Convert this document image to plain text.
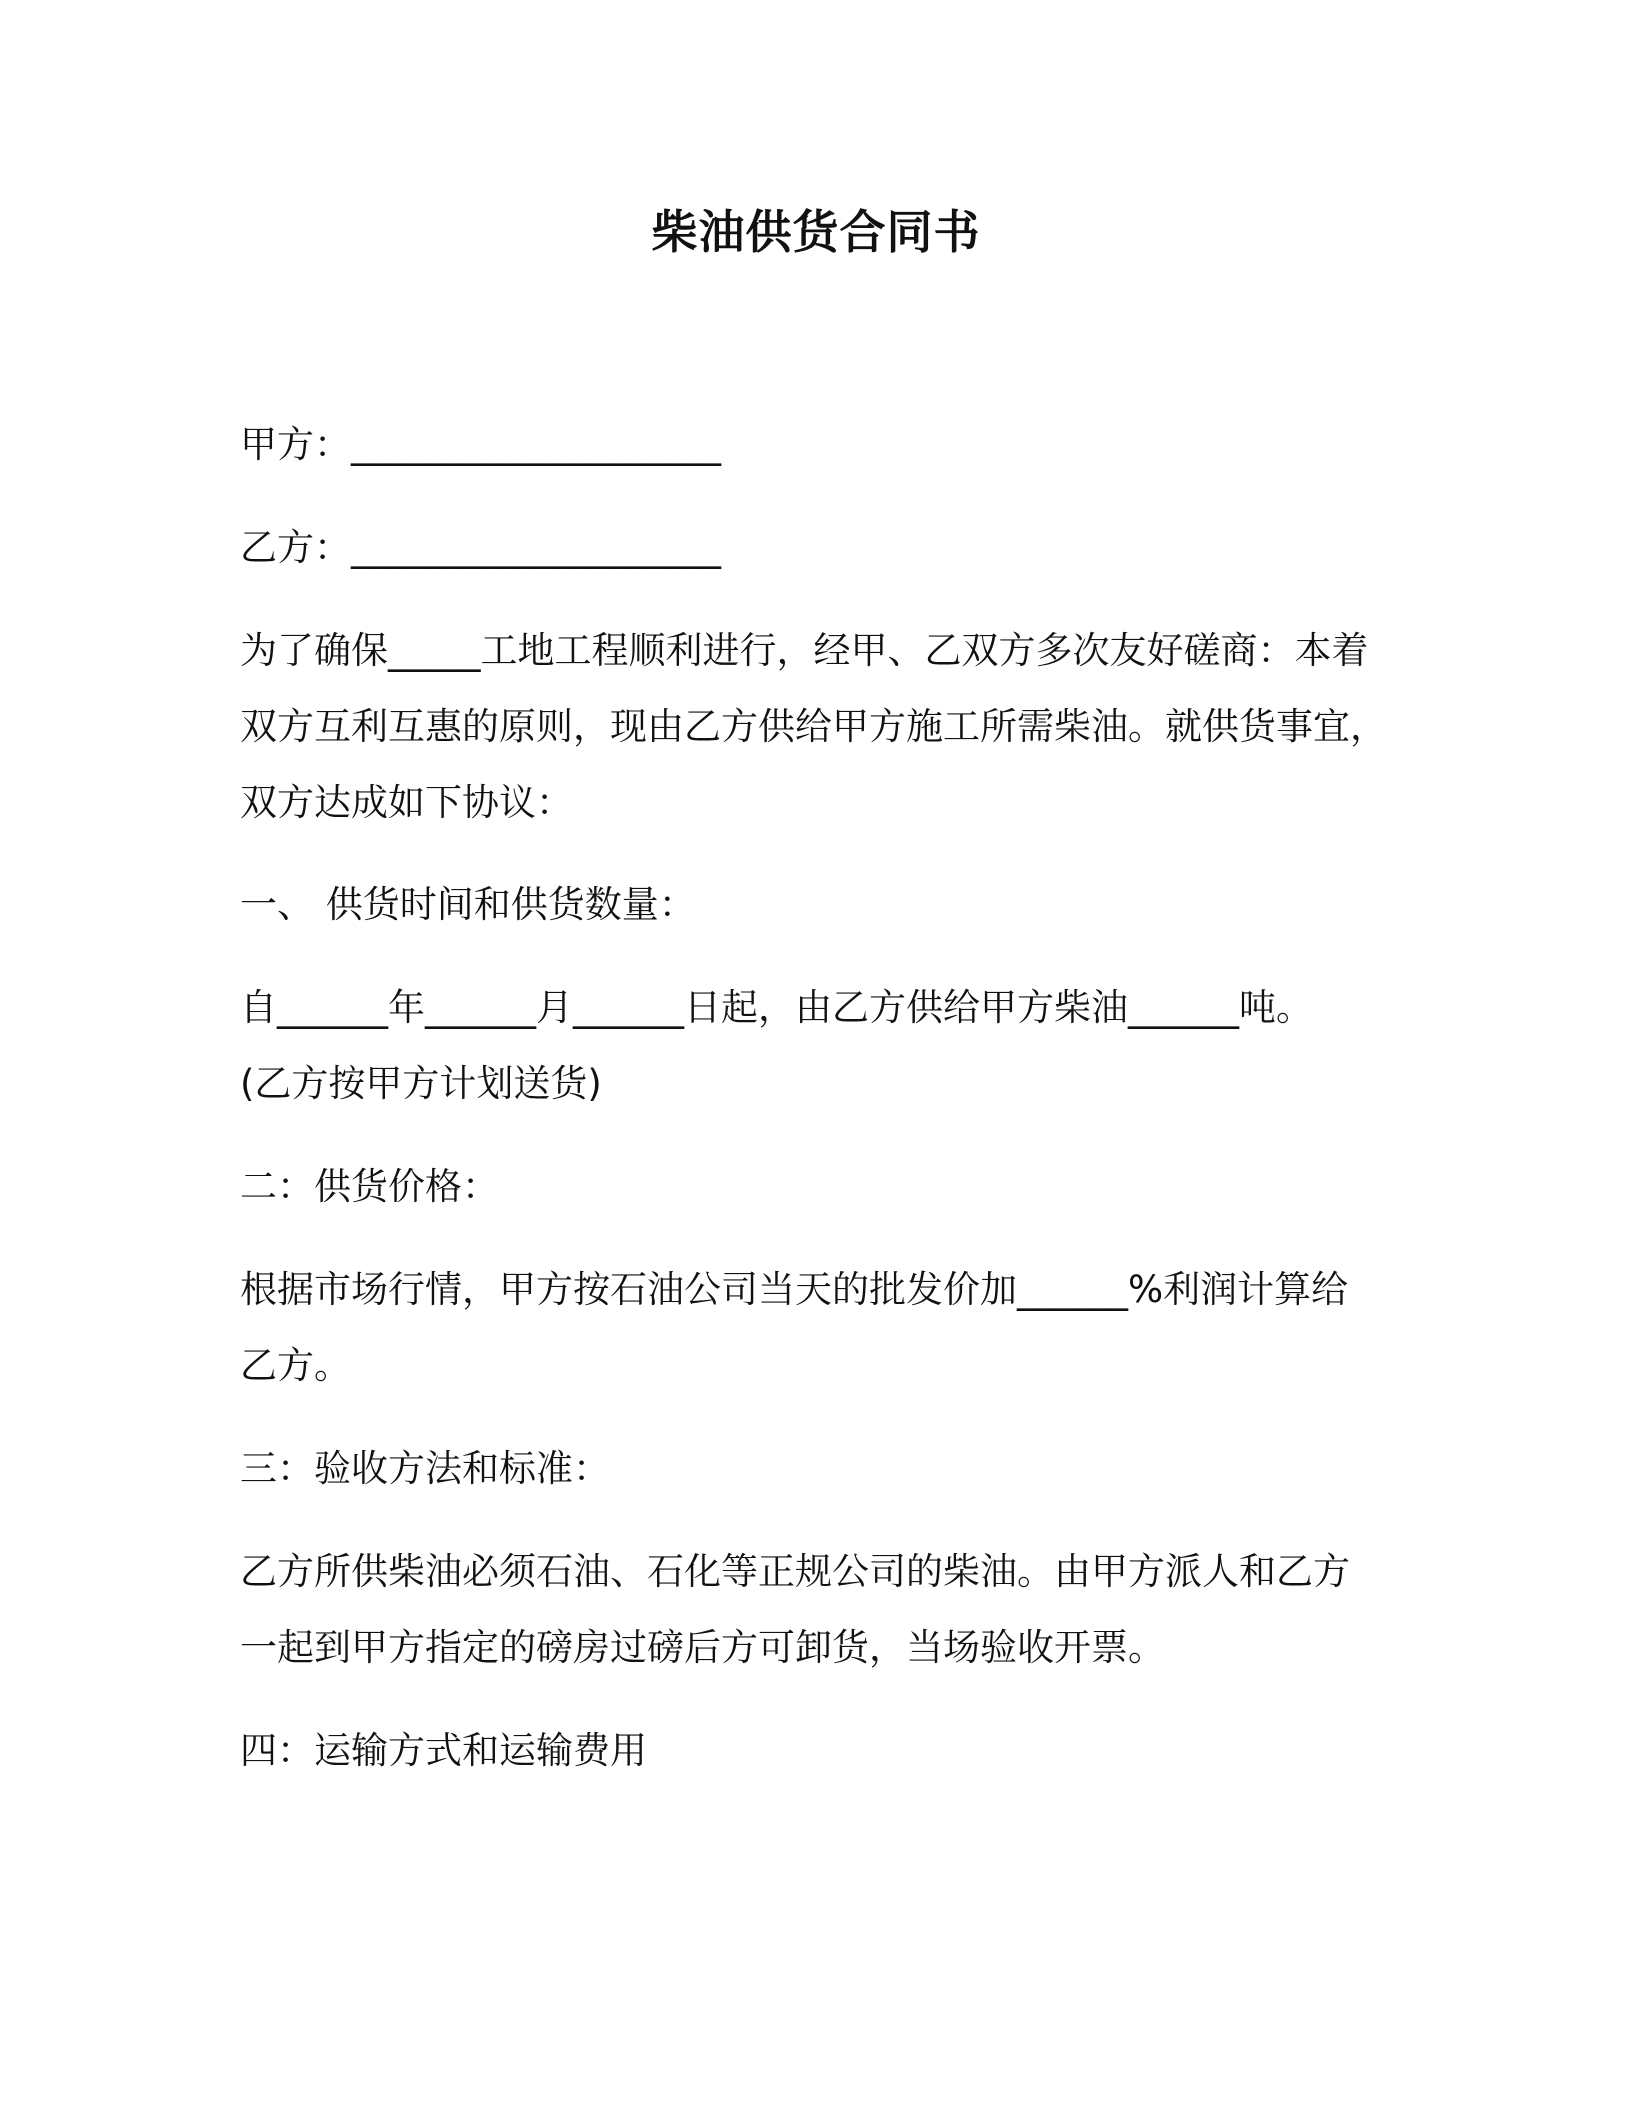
柴油供货合同书
甲方：____________________
乙方：____________________
为了确保_____工地工程顺利进行，经甲、乙双方多次友好磋商：本着
双方互利互惠的原则，现由乙方供给甲方施工所需柴油。就供货事宜，
双方达成如下协议：
一、 供货时间和供货数量：
自______年______月______日起，由乙方供给甲方柴油______吨。
(乙方按甲方计划送货)
二：供货价格：
根据市场行情，甲方按石油公司当天的批发价加______%利润计算给
乙方。
三：验收方法和标准：
乙方所供柴油必须石油、石化等正规公司的柴油。由甲方派人和乙方
一起到甲方指定的磅房过磅后方可卸货，当场验收开票。
四：运输方式和运输费用
